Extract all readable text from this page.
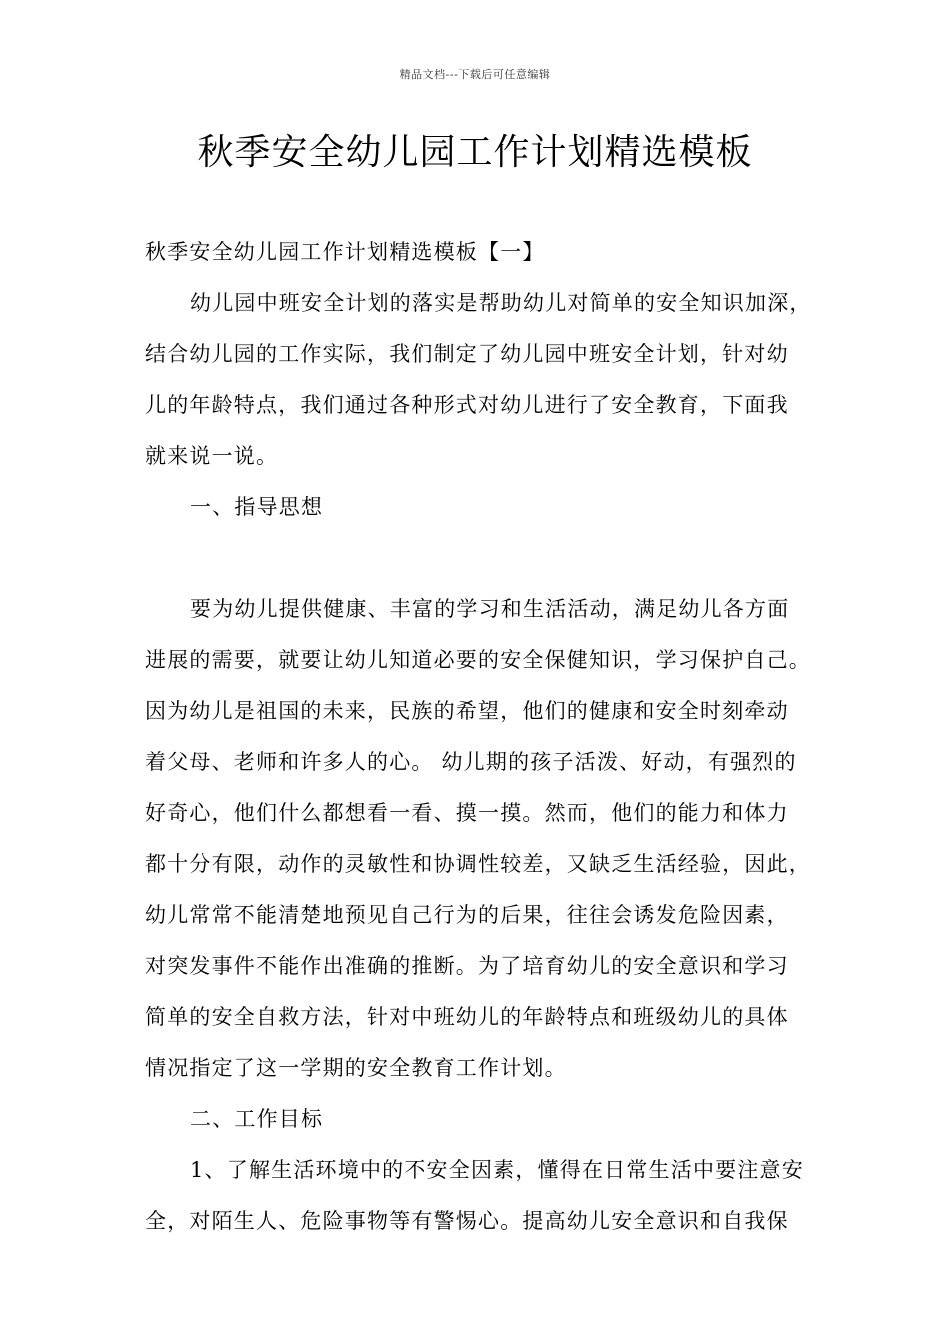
精品文档---下载后可任意编辑
秋季安全幼儿园工作计划精选模板
秋季安全幼儿园工作计划精选模板【一】
幼儿园中班安全计划的落实是帮助幼儿对简单的安全知识加深，
结合幼儿园的工作实际，我们制定了幼儿园中班安全计划，针对幼
儿的年龄特点，我们通过各种形式对幼儿进行了安全教育，下面我
就来说一说。
一、指导思想
要为幼儿提供健康、丰富的学习和生活活动，满足幼儿各方面
进展的需要，就要让幼儿知道必要的安全保健知识，学习保护自己。
因为幼儿是祖国的未来，民族的希望，他们的健康和安全时刻牵动
着父母、老师和许多人的心。 幼儿期的孩子活泼、好动，有强烈的
好奇心，他们什么都想看一看、摸一摸。然而，他们的能力和体力
都十分有限，动作的灵敏性和协调性较差，又缺乏生活经验，因此，
幼儿常常不能清楚地预见自己行为的后果，往往会诱发危险因素，
对突发事件不能作出准确的推断。为了培育幼儿的安全意识和学习
简单的安全自救方法，针对中班幼儿的年龄特点和班级幼儿的具体
情况指定了这一学期的安全教育工作计划。
二、工作目标
1、了解生活环境中的不安全因素，懂得在日常生活中要注意安
全，对陌生人、危险事物等有警惕心。提高幼儿安全意识和自我保
